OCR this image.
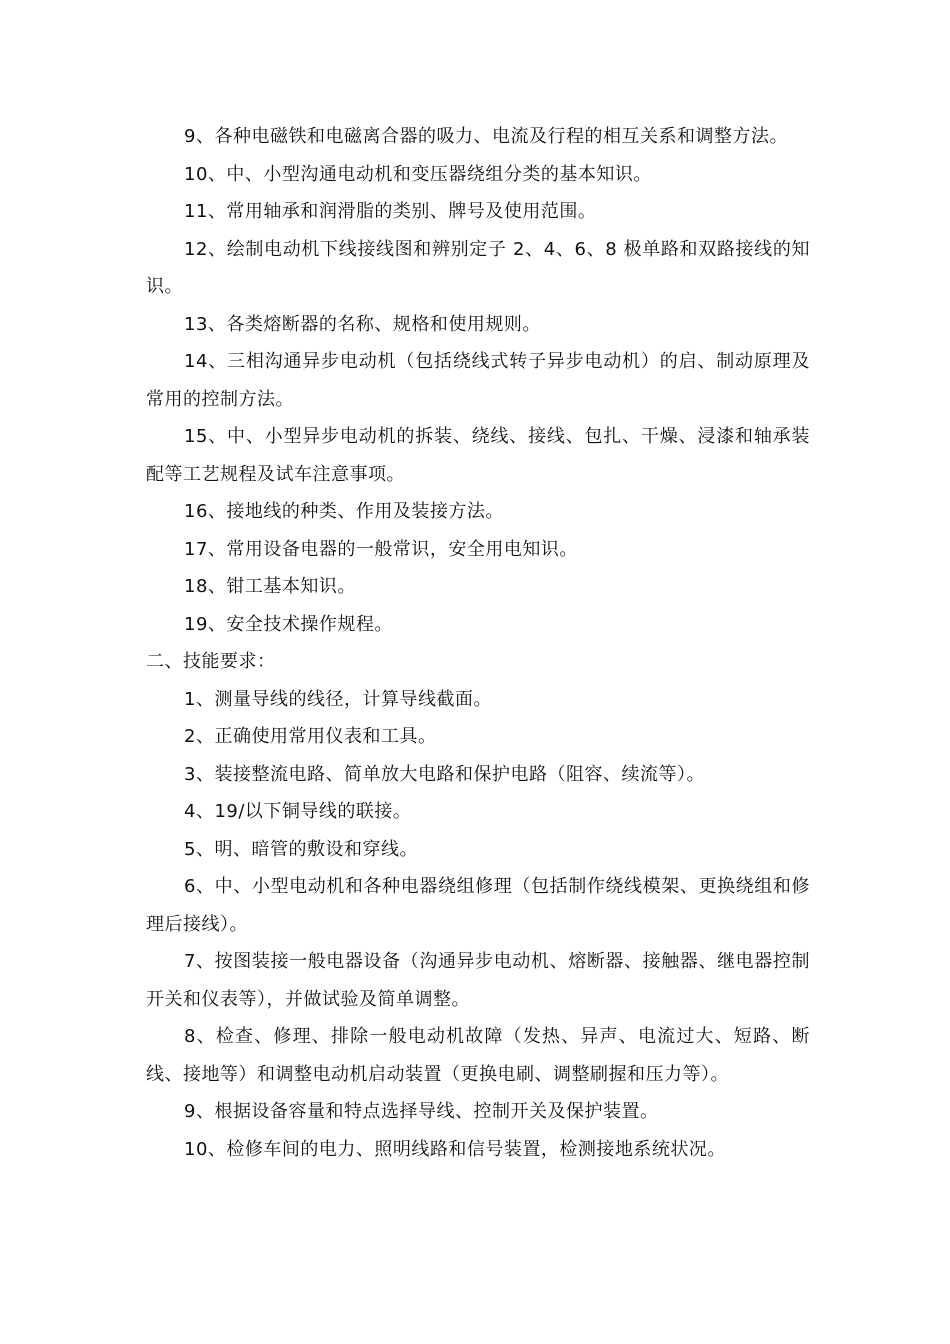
9、各种电磁铁和电磁离合器的吸力、电流及行程的相互关系和调整方法。

10、中、小型沟通电动机和变压器绕组分类的基本知识。

11、常用轴承和润滑脂的类别、牌号及使用范围。

12、绘制电动机下线接线图和辨别定子 2、4、6、8 极单路和双路接线的知识。

13、各类熔断器的名称、规格和使用规则。

14、三相沟通异步电动机（包括绕线式转子异步电动机）的启、制动原理及常用的控制方法。

15、中、小型异步电动机的拆装、绕线、接线、包扎、干燥、浸漆和轴承装配等工艺规程及试车注意事项。

16、接地线的种类、作用及装接方法。

17、常用设备电器的一般常识，安全用电知识。

18、钳工基本知识。

19、安全技术操作规程。

二、技能要求：

1、测量导线的线径，计算导线截面。

2、正确使用常用仪表和工具。

3、装接整流电路、简单放大电路和保护电路（阻容、续流等）。

4、19/以下铜导线的联接。

5、明、暗管的敷设和穿线。

6、中、小型电动机和各种电器绕组修理（包括制作绕线模架、更换绕组和修理后接线）。

7、按图装接一般电器设备（沟通异步电动机、熔断器、接触器、继电器控制开关和仪表等），并做试验及简单调整。

8、检查、修理、排除一般电动机故障（发热、异声、电流过大、短路、断线、接地等）和调整电动机启动装置（更换电刷、调整刷握和压力等）。

9、根据设备容量和特点选择导线、控制开关及保护装置。

10、检修车间的电力、照明线路和信号装置，检测接地系统状况。
